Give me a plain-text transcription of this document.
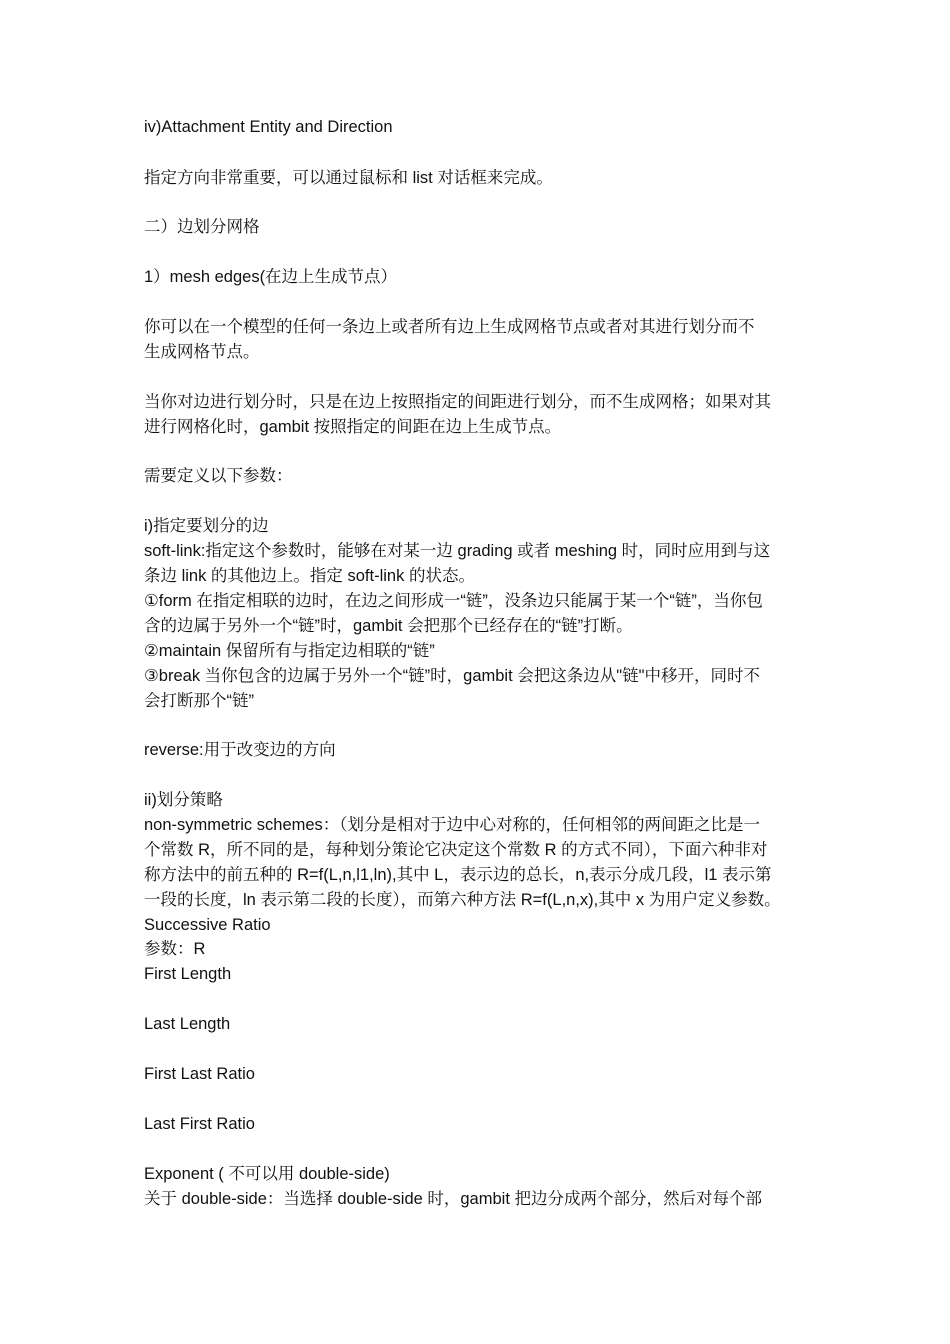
iv)Attachment Entity and Direction
指定方向非常重要，可以通过鼠标和 list 对话框来完成。
二）边划分网格
1）mesh edges(在边上生成节点）
你可以在一个模型的任何一条边上或者所有边上生成网格节点或者对其进行划分而不
生成网格节点。
当你对边进行划分时，只是在边上按照指定的间距进行划分，而不生成网格；如果对其
进行网格化时，gambit 按照指定的间距在边上生成节点。
需要定义以下参数：
i)指定要划分的边
soft-link:指定这个参数时，能够在对某一边 grading 或者 meshing 时，同时应用到与这
条边 link 的其他边上。指定 soft-link 的状态。
①form 在指定相联的边时，在边之间形成一“链”，没条边只能属于某一个“链”，当你包
含的边属于另外一个“链”时，gambit 会把那个已经存在的“链”打断。
②maintain 保留所有与指定边相联的“链”
③break 当你包含的边属于另外一个“链”时，gambit 会把这条边从"链"中移开，同时不
会打断那个“链”
reverse:用于改变边的方向
ii)划分策略
non-symmetric schemes：（划分是相对于边中心对称的，任何相邻的两间距之比是一
个常数 R，所不同的是，每种划分策论它决定这个常数 R 的方式不同），下面六种非对
称方法中的前五种的 R=f(L,n,l1,ln),其中 L，表示边的总长，n,表示分成几段，l1 表示第
一段的长度，ln 表示第二段的长度），而第六种方法 R=f(L,n,x),其中 x 为用户定义参数。
Successive Ratio
参数：R
First Length
Last Length
First Last Ratio
Last First Ratio
Exponent ( 不可以用 double-side)
关于 double-side：当选择 double-side 时，gambit 把边分成两个部分，然后对每个部
